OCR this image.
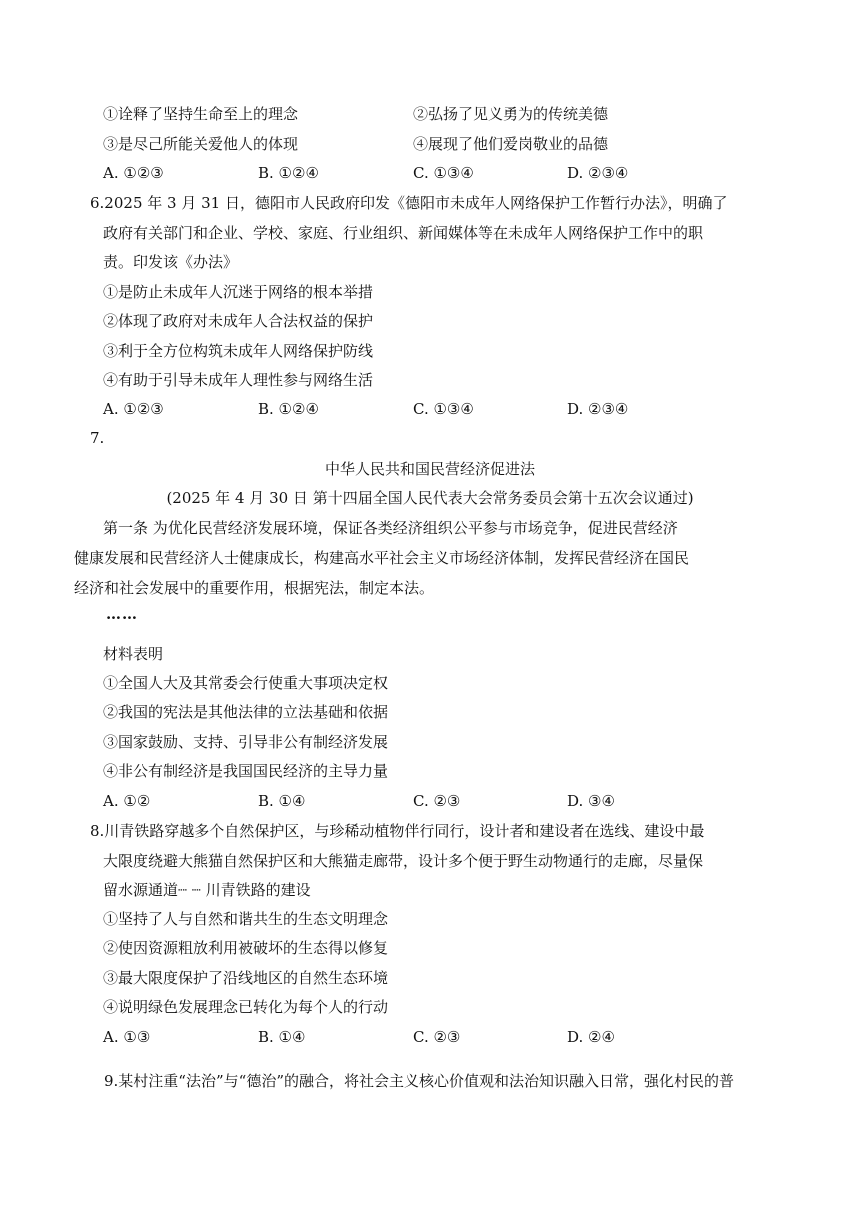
①诠释了坚持生命至上的理念	②弘扬了见义勇为的传统美德
③是尽己所能关爱他人的体现	④展现了他们爱岗敬业的品德
A. ①②③	B. ①②④	C. ①③④	D. ②③④
6.2025 年 3 月 31 日，德阳市人民政府印发《德阳市未成年人网络保护工作暂行办法》，明确了
政府有关部门和企业、学校、家庭、行业组织、新闻媒体等在未成年人网络保护工作中的职
责。印发该《办法》
①是防止未成年人沉迷于网络的根本举措
②体现了政府对未成年人合法权益的保护
③利于全方位构筑未成年人网络保护防线
④有助于引导未成年人理性参与网络生活
A. ①②③	B. ①②④	C. ①③④	D. ②③④
7.
中华人民共和国民营经济促进法
(2025 年 4 月 30 日 第十四届全国人民代表大会常务委员会第十五次会议通过)
第一条 为优化民营经济发展环境，保证各类经济组织公平参与市场竞争，促进民营经济
健康发展和民营经济人士健康成长，构建高水平社会主义市场经济体制，发挥民营经济在国民
经济和社会发展中的重要作用，根据宪法，制定本法。
……
材料表明
①全国人大及其常委会行使重大事项决定权
②我国的宪法是其他法律的立法基础和依据
③国家鼓励、支持、引导非公有制经济发展
④非公有制经济是我国国民经济的主导力量
A. ①②	B. ①④	C. ②③	D. ③④
8.川青铁路穿越多个自然保护区，与珍稀动植物伴行同行，设计者和建设者在选线、建设中最
大限度绕避大熊猫自然保护区和大熊猫走廊带，设计多个便于野生动物通行的走廊，尽量保
留水源通道┈ ┈ 川青铁路的建设
①坚持了人与自然和谐共生的生态文明理念
②使因资源粗放利用被破坏的生态得以修复
③最大限度保护了沿线地区的自然生态环境
④说明绿色发展理念已转化为每个人的行动
A. ①③	B. ①④	C. ②③	D. ②④
9.某村注重“法治”与“德治”的融合，将社会主义核心价值观和法治知识融入日常，强化村民的普
